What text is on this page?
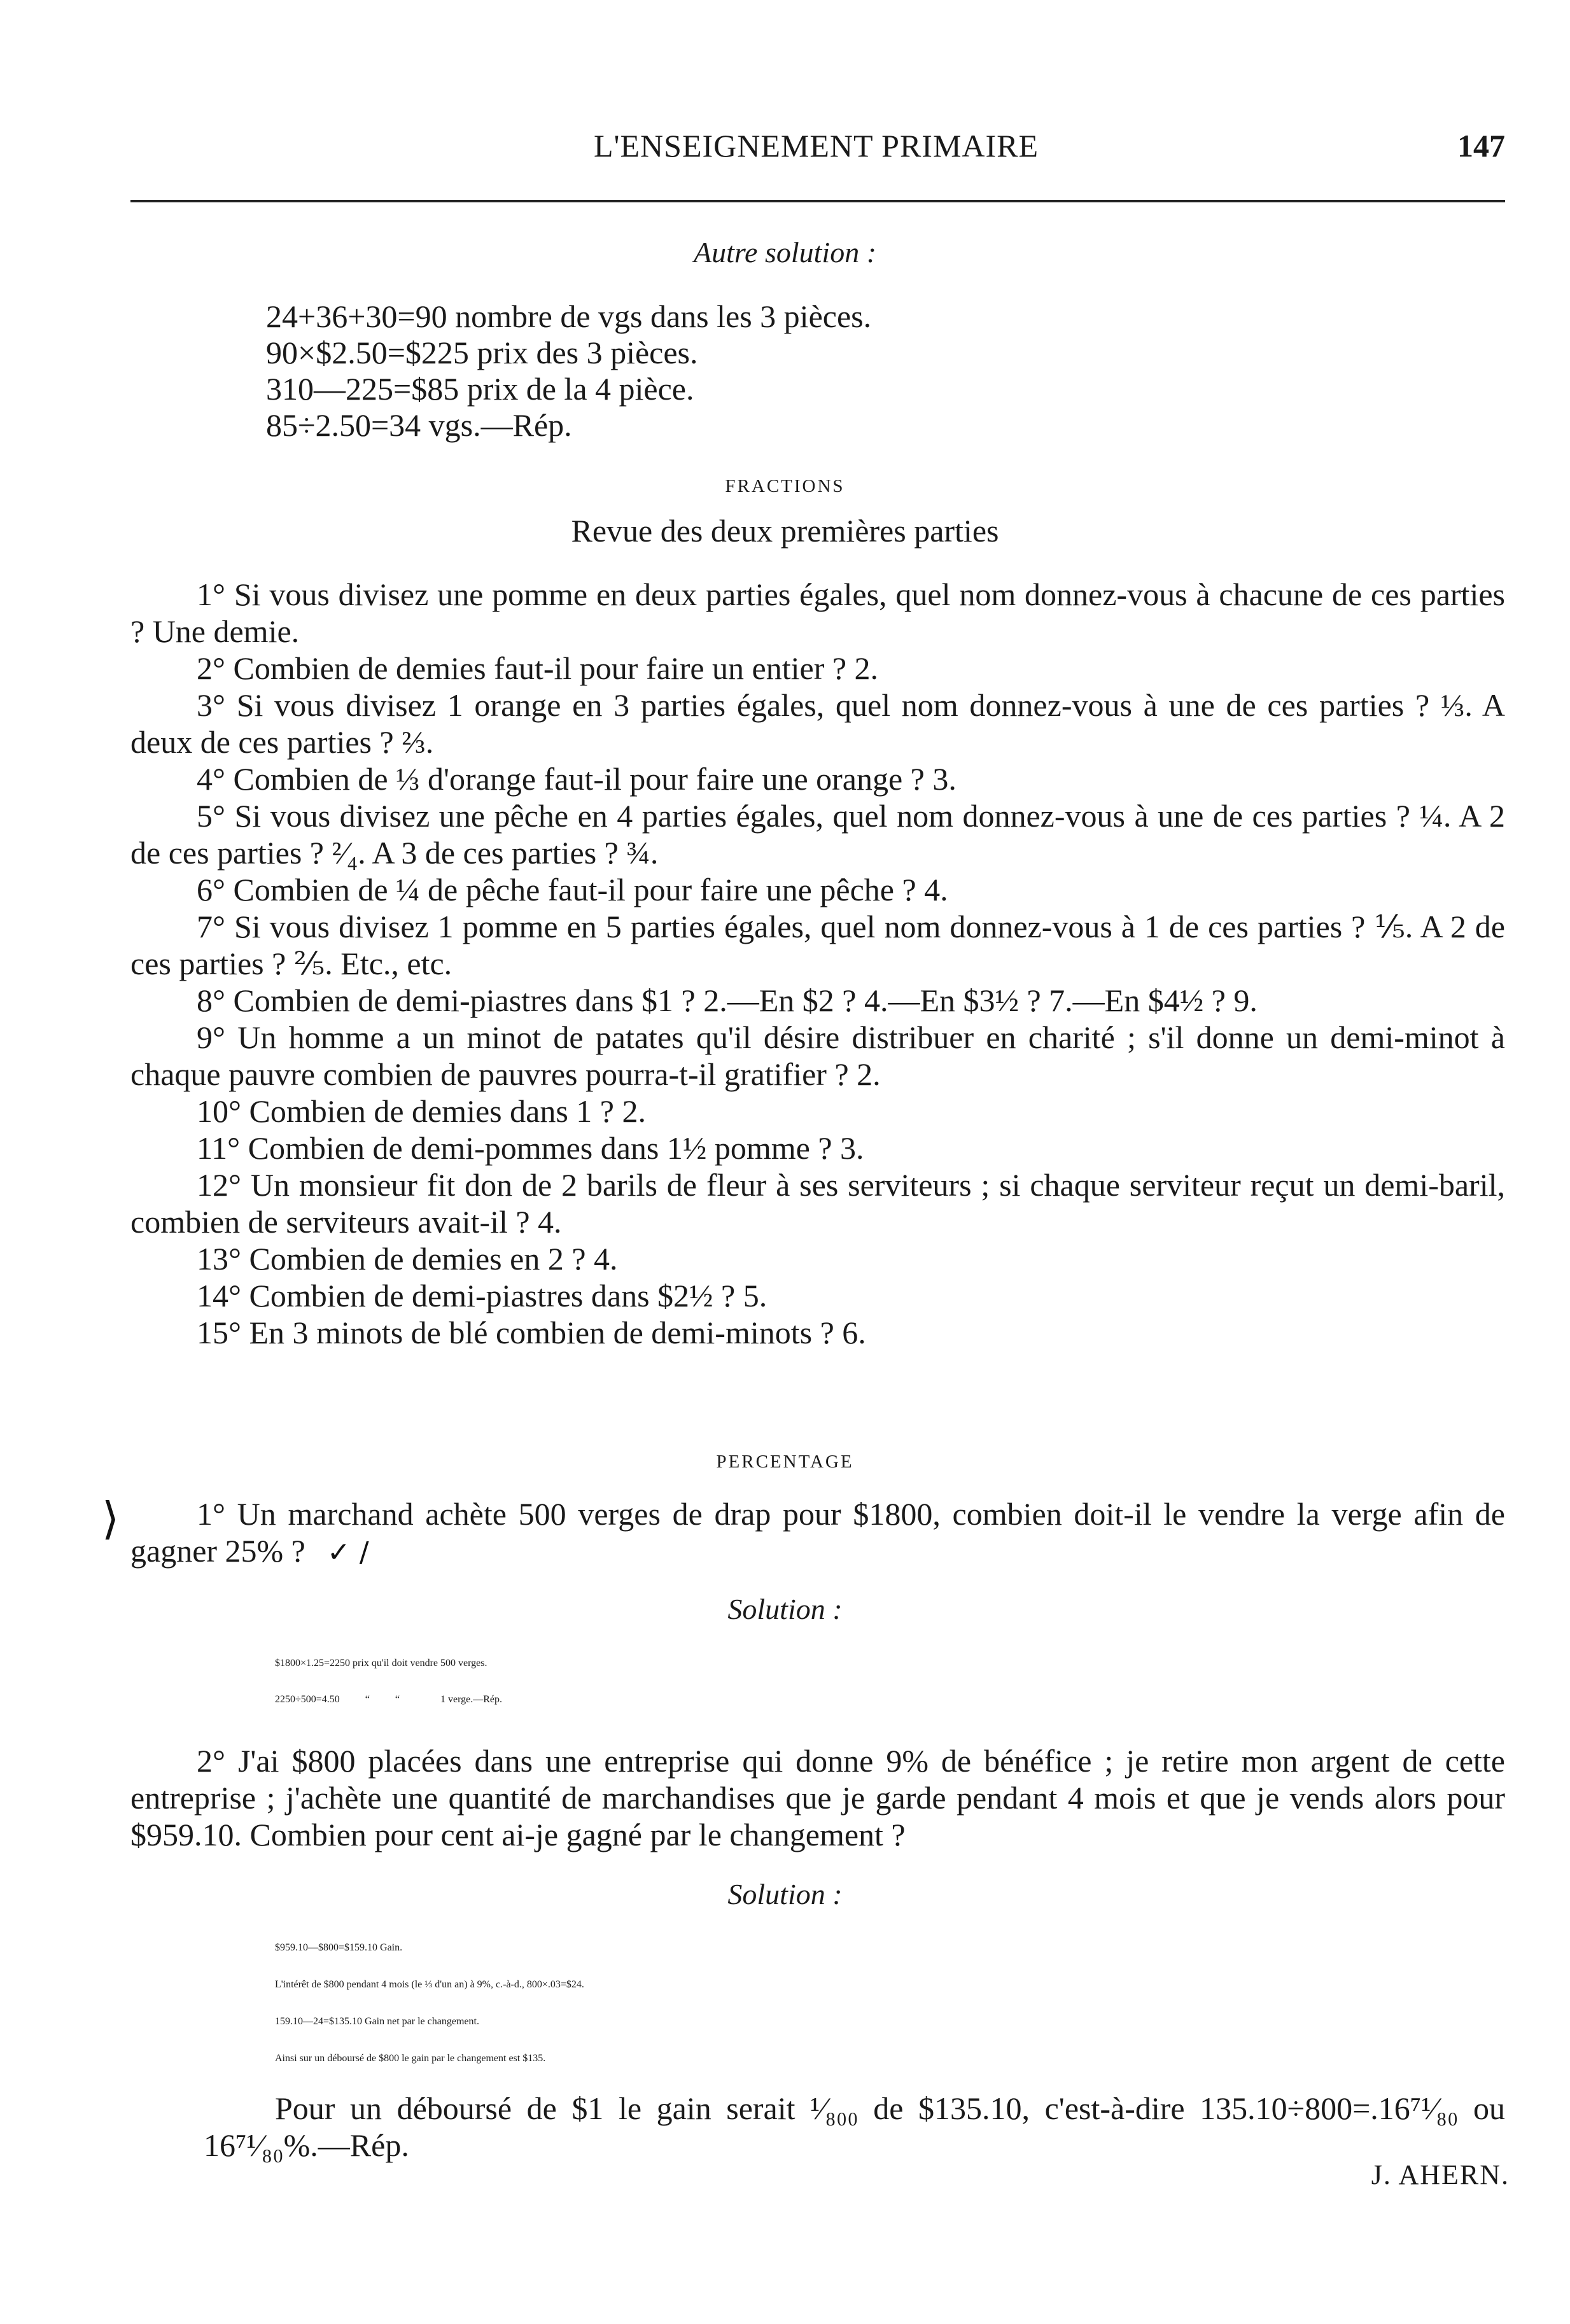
L'ENSEIGNEMENT PRIMAIRE	147
Autre solution :
24+36+30=90 nombre de vgs dans les 3 pièces.
90×$2.50=$225 prix des 3 pièces.
310—225=$85 prix de la 4 pièce.
85÷2.50=34 vgs.—Rép.
FRACTIONS
Revue des deux premières parties

1° Si vous divisez une pomme en deux parties égales, quel nom donnez-vous à chacune de ces parties ? Une demie.

2° Combien de demies faut-il pour faire un entier ? 2.

3° Si vous divisez 1 orange en 3 parties égales, quel nom donnez-vous à une de ces parties ? ⅓. A deux de ces parties ? ⅔.

4° Combien de ⅓ d'orange faut-il pour faire une orange ? 3.

5° Si vous divisez une pêche en 4 parties égales, quel nom donnez-vous à une de ces parties ? ¼. A 2 de ces parties ? ²⁄₄. A 3 de ces parties ? ¾.

6° Combien de ¼ de pêche faut-il pour faire une pêche ? 4.

7° Si vous divisez 1 pomme en 5 parties égales, quel nom donnez-vous à 1 de ces parties ? ⅕. A 2 de ces parties ? ⅖. Etc., etc.

8° Combien de demi-piastres dans $1 ? 2.—En $2 ? 4.—En $3½ ? 7.—En $4½ ? 9.

9° Un homme a un minot de patates qu'il désire distribuer en charité ; s'il donne un demi-minot à chaque pauvre combien de pauvres pourra-t-il gratifier ? 2.

10° Combien de demies dans 1 ? 2.

11° Combien de demi-pommes dans 1½ pomme ? 3.

12° Un monsieur fit don de 2 barils de fleur à ses serviteurs ; si chaque serviteur reçut un demi-baril, combien de serviteurs avait-il ? 4.

13° Combien de demies en 2 ? 4.

14° Combien de demi-piastres dans $2½ ? 5.

15° En 3 minots de blé combien de demi-minots ? 6.

PERCENTAGE
⟩	1° Un marchand achète 500 verges de drap pour $1800, combien doit-il le vendre la verge afin de gagner 25% ? ✓ /

Solution :
$1800×1.25=2250 prix qu'il doit vendre 500 verges.
2250÷500=4.50          “          “                1 verge.—Rép.

2° J'ai $800 placées dans une entreprise qui donne 9% de bénéfice ; je retire mon argent de cette entreprise ; j'achète une quantité de marchandises que je garde pendant 4 mois et que je vends alors pour $959.10. Combien pour cent ai-je gagné par le changement ?

Solution :
$959.10—$800=$159.10 Gain.
L'intérêt de $800 pendant 4 mois (le ⅓ d'un an) à 9%, c.-à-d., 800×.03=$24.
159.10—24=$135.10 Gain net par le changement.
Ainsi sur un déboursé de $800 le gain par le changement est $135.

Pour un déboursé de $1 le gain serait ¹⁄₈₀₀ de $135.10, c'est-à-dire 135.10÷800=.16⁷¹⁄₈₀ ou 16⁷¹⁄₈₀%.—Rép.

J. AHERN.
